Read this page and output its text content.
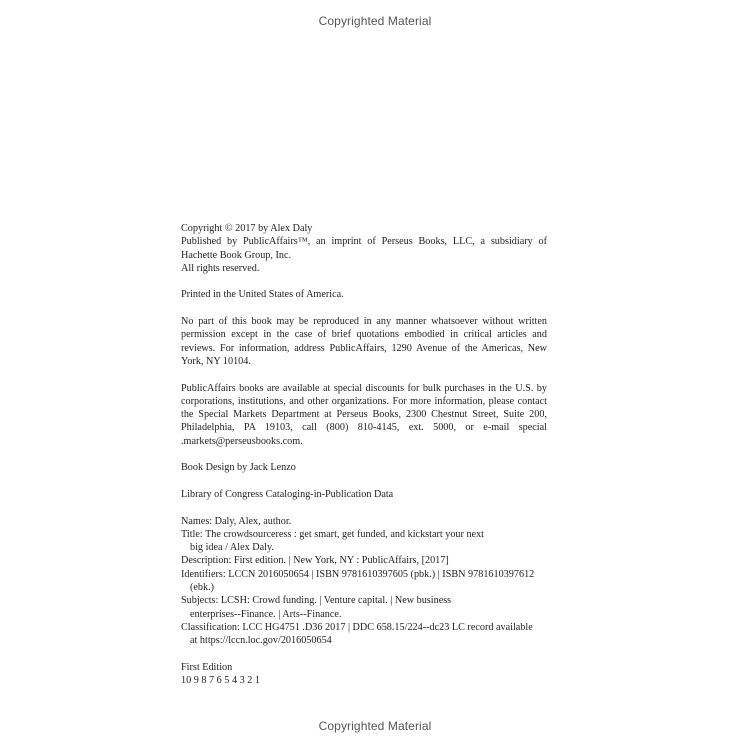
Copyrighted Material

Copyright © 2017 by Alex Daly
Published by PublicAffairs™, an imprint of Perseus Books, LLC, a subsidiary of Hachette Book Group, Inc.
All rights reserved.

Printed in the United States of America.

No part of this book may be reproduced in any manner whatsoever without written permission except in the case of brief quotations embodied in critical articles and reviews. For information, address PublicAffairs, 1290 Avenue of the Americas, New York, NY 10104.

PublicAffairs books are available at special discounts for bulk purchases in the U.S. by corporations, institutions, and other organizations. For more information, please contact the Special Markets Department at Perseus Books, 2300 Chestnut Street, Suite 200, Philadelphia, PA 19103, call (800) 810-4145, ext. 5000, or e-mail special .markets@perseusbooks.com.

Book Design by Jack Lenzo

Library of Congress Cataloging-in-Publication Data

Names: Daly, Alex, author.
Title: The crowdsourceress : get smart, get funded, and kickstart your next
big idea / Alex Daly.
Description: First edition. | New York, NY : PublicAffairs, [2017]
Identifiers: LCCN 2016050654 | ISBN 9781610397605 (pbk.) | ISBN 9781610397612
(ebk.)
Subjects: LCSH: Crowd funding. | Venture capital. | New business
enterprises--Finance. | Arts--Finance.
Classification: LCC HG4751 .D36 2017 | DDC 658.15/224--dc23 LC record available
at https://lccn.loc.gov/2016050654

First Edition
10 9 8 7 6 5 4 3 2 1

Copyrighted Material
